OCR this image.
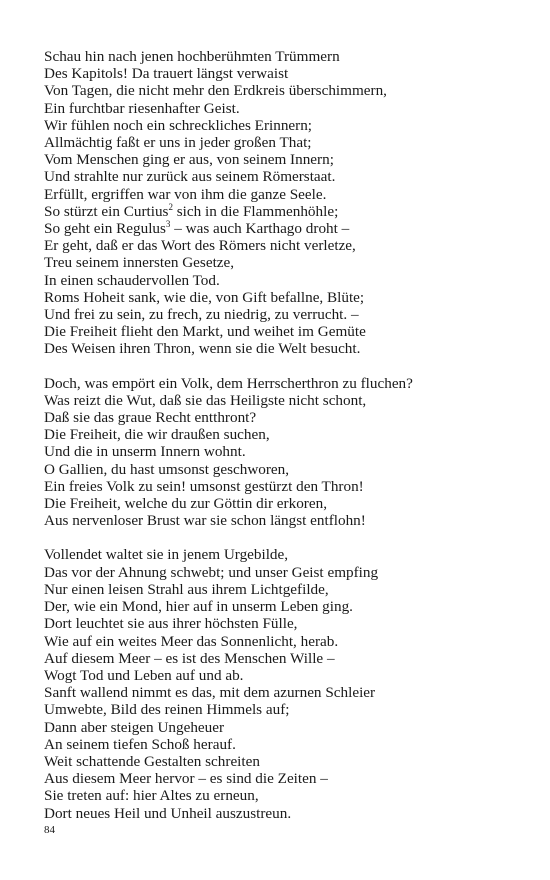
Schau hin nach jenen hochberühmten Trümmern
Des Kapitols! Da trauert längst verwaist
Von Tagen, die nicht mehr den Erdkreis überschimmern,
Ein furchtbar riesenhafter Geist.
Wir fühlen noch ein schreckliches Erinnern;
Allmächtig faßt er uns in jeder großen That;
Vom Menschen ging er aus, von seinem Innern;
Und strahlte nur zurück aus seinem Römerstaat.
Erfüllt, ergriffen war von ihm die ganze Seele.
So stürzt ein Curtius$^2$ sich in die Flammenhöhle;
So geht ein Regulus$^3$ – was auch Karthago droht –
Er geht, daß er das Wort des Römers nicht verletze,
Treu seinem innersten Gesetze,
In einen schaudervollen Tod.
Roms Hoheit sank, wie die, von Gift befallne, Blüte;
Und frei zu sein, zu frech, zu niedrig, zu verrucht. –
Die Freiheit flieht den Markt, und weihet im Gemüte
Des Weisen ihren Thron, wenn sie die Welt besucht.
Doch, was empört ein Volk, dem Herrscherthron zu fluchen?
Was reizt die Wut, daß sie das Heiligste nicht schont,
Daß sie das graue Recht entthront?
Die Freiheit, die wir draußen suchen,
Und die in unserm Innern wohnt.
O Gallien, du hast umsonst geschworen,
Ein freies Volk zu sein! umsonst gestürzt den Thron!
Die Freiheit, welche du zur Göttin dir erkoren,
Aus nervenloser Brust war sie schon längst entflohn!
Vollendet waltet sie in jenem Urgebilde,
Das vor der Ahnung schwebt; und unser Geist empfing
Nur einen leisen Strahl aus ihrem Lichtgefilde,
Der, wie ein Mond, hier auf in unserm Leben ging.
Dort leuchtet sie aus ihrer höchsten Fülle,
Wie auf ein weites Meer das Sonnenlicht, herab.
Auf diesem Meer – es ist des Menschen Wille –
Wogt Tod und Leben auf und ab.
Sanft wallend nimmt es das, mit dem azurnen Schleier
Umwebte, Bild des reinen Himmels auf;
Dann aber steigen Ungeheuer
An seinem tiefen Schoß herauf.
Weit schattende Gestalten schreiten
Aus diesem Meer hervor – es sind die Zeiten –
Sie treten auf: hier Altes zu erneun,
Dort neues Heil und Unheil auszustreun.
84
